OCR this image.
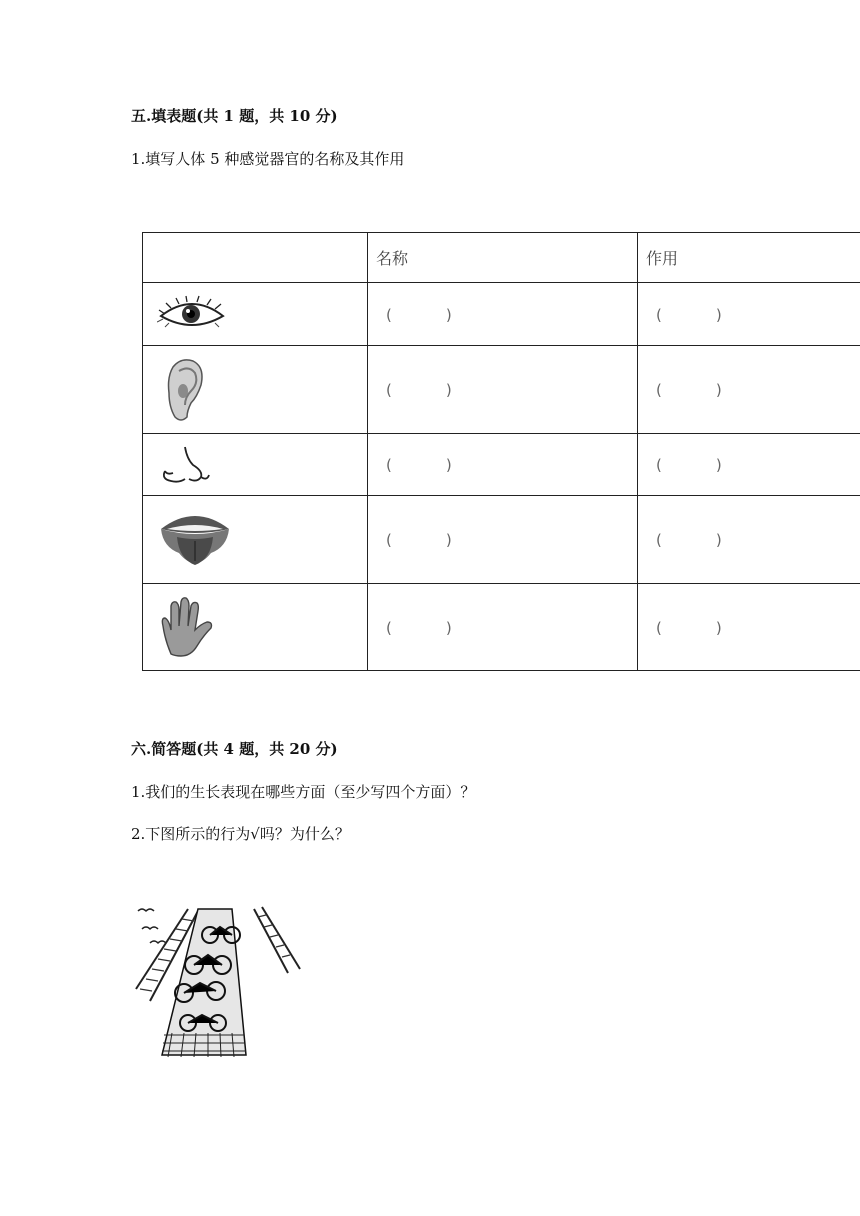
五.填表题(共 1 题，共 10 分)
1.填写人体 5 种感觉器官的名称及其作用
	名称	作用

	( )	( )

	( )	( )

	( )	( )

	( )	( )

	( )	( )
六.简答题(共 4 题，共 20 分)
1.我们的生长表现在哪些方面（至少写四个方面）？
2.下图所示的行为√吗？为什么？
